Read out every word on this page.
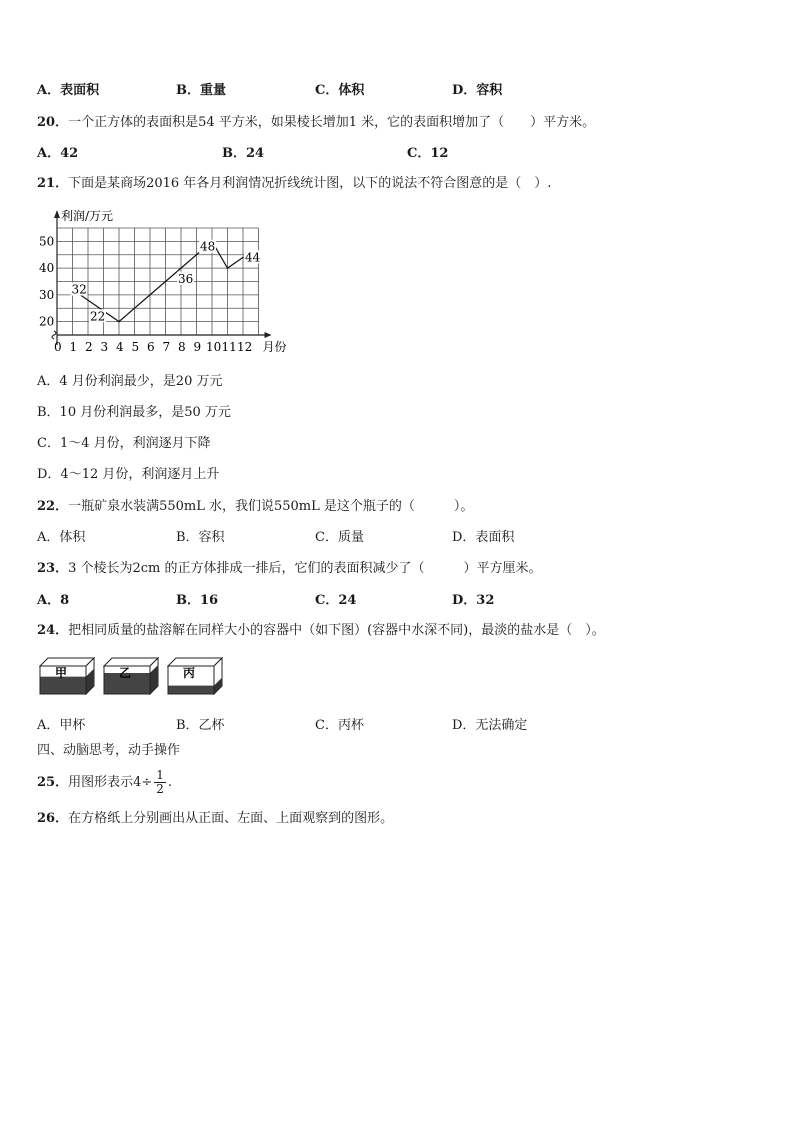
A．表面积	B．重量	C．体积	D．容积
20．一个正方体的表面积是54 平方米，如果棱长增加1 米，它的表面积增加了（　　）平方米。
A．42	B．24	C．12
21．下面是某商场2016 年各月利润情况折线统计图，以下的说法不符合图意的是（　）.
利润/万元
月份
20
30
40
50
0 1 2 3 4 5 6 7 8 9 10 11 12
32
22
36
48
44
A．4 月份利润最少，是20 万元
B．10 月份利润最多，是50 万元
C．1～4 月份，利润逐月下降
D．4～12 月份，利润逐月上升
22．一瓶矿泉水装满550mL 水，我们说550mL 是这个瓶子的（　　　）。
A．体积	B．容积	C．质量	D．表面积
23．3 个棱长为2cm 的正方体排成一排后，它们的表面积减少了（　　　）平方厘米。
A．8	B．16	C．24	D．32
24．把相同质量的盐溶解在同样大小的容器中（如下图）(容器中水深不同)，最淡的盐水是（　）。
甲	乙	丙
A．甲杯	B．乙杯	C．丙杯	D．无法确定
四、动脑思考，动手操作
25．用图形表示$4\div \frac{1}{2}$ .
26．在方格纸上分别画出从正面、左面、上面观察到的图形。
